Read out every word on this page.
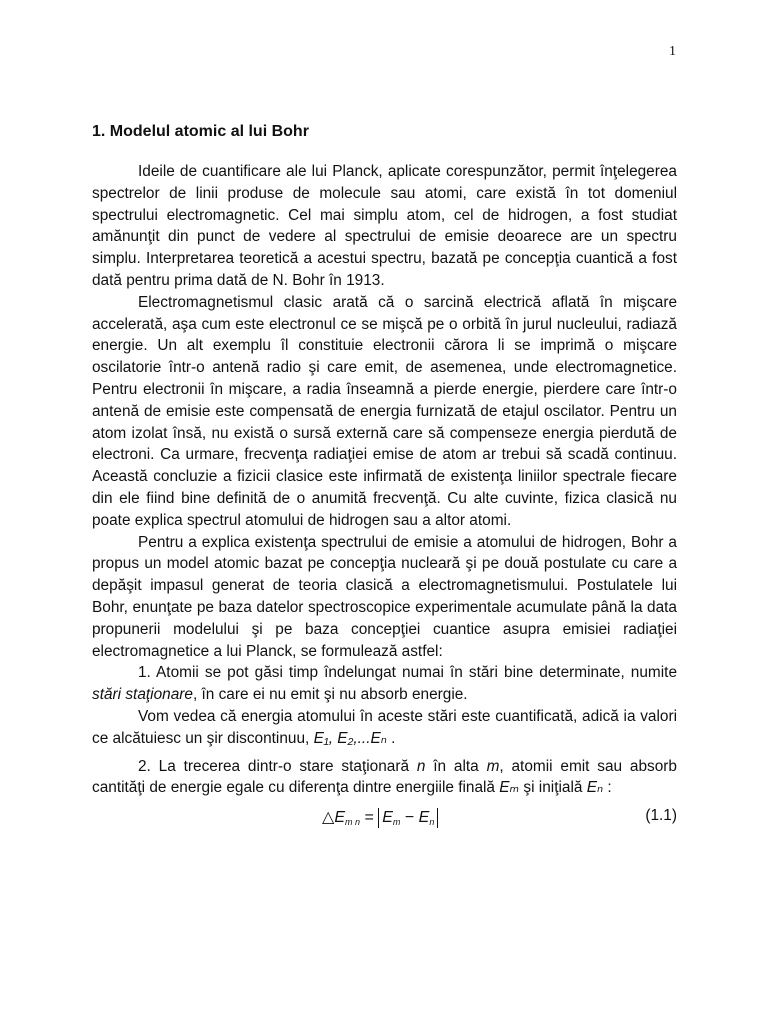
1
1. Modelul atomic al lui Bohr

Ideile de cuantificare ale lui Planck, aplicate corespunzător, permit înţelegerea spectrelor de linii produse de molecule sau atomi, care există în tot domeniul spectrului electromagnetic. Cel mai simplu atom, cel de hidrogen, a fost studiat amănunţit din punct de vedere al spectrului de emisie deoarece are un spectru simplu. Interpretarea teoretică a acestui spectru, bazată pe concepţia cuantică a fost dată pentru prima dată de N. Bohr în 1913.

Electromagnetismul clasic arată că o sarcină electrică aflată în mişcare accelerată, aşa cum este electronul ce se mişcă pe o orbită în jurul nucleului, radiază energie. Un alt exemplu îl constituie electronii cărora li se imprimă o mişcare oscilatorie într-o antenă radio şi care emit, de asemenea, unde electromagnetice. Pentru electronii în mişcare, a radia înseamnă a pierde energie, pierdere care într-o antenă de emisie este compensată de energia furnizată de etajul oscilator. Pentru un atom izolat însă, nu există o sursă externă care să compenseze energia pierdută de electroni. Ca urmare, frecvenţa radiaţiei emise de atom ar trebui să scadă continuu. Această concluzie a fizicii clasice este infirmată de existenţa liniilor spectrale fiecare din ele fiind bine definită de o anumită frecvenţă. Cu alte cuvinte, fizica clasică nu poate explica spectrul atomului de hidrogen sau a altor atomi.

Pentru a explica existenţa spectrului de emisie a atomului de hidrogen, Bohr a propus un model atomic bazat pe concepţia nucleară şi pe două postulate cu care a depăşit impasul generat de teoria clasică a electromagnetismului. Postulatele lui Bohr, enunţate pe baza datelor spectroscopice experimentale acumulate până la data propunerii modelului şi pe baza concepţiei cuantice asupra emisiei radiaţiei electromagnetice a lui Planck, se formulează astfel:

1. Atomii se pot găsi timp îndelungat numai în stări bine determinate, numite stări staţionare, în care ei nu emit şi nu absorb energie.

Vom vedea că energia atomului în aceste stări este cuantificată, adică ia valori ce alcătuiesc un şir discontinuu, E₁, E₂,...Eₙ .

2. La trecerea dintr-o stare staţionară n în alta m, atomii emit sau absorb cantităţi de energie egale cu diferenţa dintre energiile finală Eₘ şi iniţială Eₙ :

$\triangle E_{m n} = E_m - E_n$	(1.1)
